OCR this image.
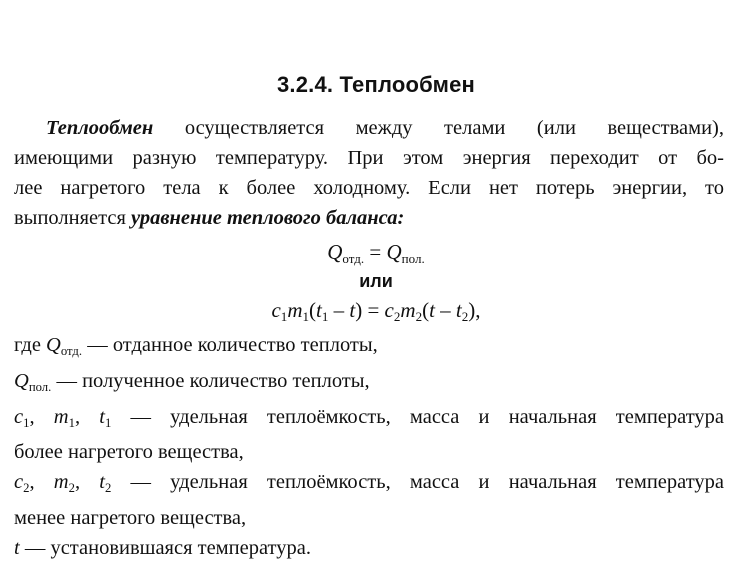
3.2.4. Теплообмен
Теплообмен осуществляется между телами (или веществами),
имеющими разную температуру. При этом энергия переходит от бо-
лее нагретого тела к более холодному. Если нет потерь энергии, то
выполняется уравнение теплового баланса:
$Q_{отд.} = Q_{пол.}$
или
$c_1m_1(t_1 - t) = c_2m_2(t - t_2)$,
где $Q_{отд.}$ — отданное количество теплоты,
$Q_{пол.}$ — полученное количество теплоты,
$c_1$, $m_1$, $t_1$ — удельная теплоёмкость, масса и начальная температура
более нагретого вещества,
$c_2$, $m_2$, $t_2$ — удельная теплоёмкость, масса и начальная температура
менее нагретого вещества,
t — установившаяся температура.
